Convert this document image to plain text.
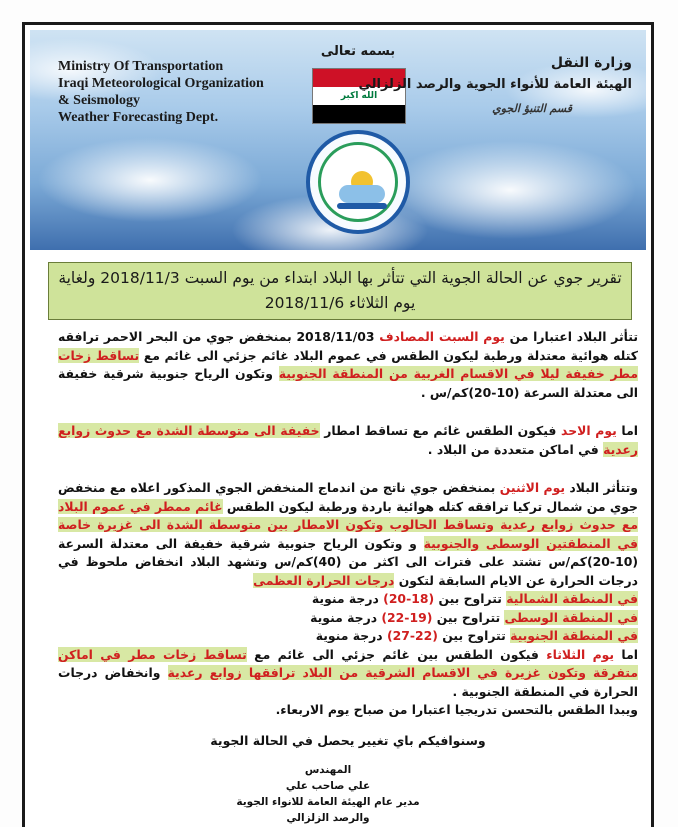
Ministry Of Transportation
Iraqi Meteorological Organization
& Seismology
Weather Forecasting Dept.
بسمه تعالى
الله اكبر
وزارة النقل
الهيئة العامة للأنواء الجوية والرصد الزلزالي
قسم التنبؤ الجوي
تقرير جوي عن الحالة الجوية التي تتأثر بها البلاد ابتداء من يوم السبت 2018/11/3 ولغاية
يوم الثلاثاء 2018/11/6

تتأثر البلاد اعتبارا من يوم السبت المصادف 2018/11/03 بمنخفض جوي من البحر الاحمر ترافقه كتله هوائية معتدلة ورطبة ليكون الطقس في عموم البلاد غائم جزئي الى غائم مع تساقط زخات مطر خفيفة ليلا في الاقسام الغربية من المنطقة الجنوبية وتكون الرياح جنوبية شرقية خفيفة الى معتدلة السرعة (10-20)كم/س .

اما يوم الاحد فيكون الطقس غائم مع تساقط امطار خفيفة الى متوسطة الشدة مع حدوث زوابع رعدية في اماكن متعددة من البلاد .

وتتأثر البلاد يوم الاثنين بمنخفض جوي ناتج من اندماج المنخفض الجوي المذكور اعلاه مع منخفض جوي من شمال تركيا ترافقه كتله هوائية باردة ورطبة ليكون الطقس غائم ممطر في عموم البلاد مع حدوث زوابع رعدية وتساقط الحالوب وتكون الامطار بين متوسطة الشدة الى غزيرة خاصة في المنطقتين الوسطى والجنوبية و وتكون الرياح جنوبية شرقية خفيفة الى معتدلة السرعة (10-20)كم/س تشتد على فترات الى اكثر من (40)كم/س وتشهد البلاد انخفاض ملحوظ في درجات الحرارة عن الايام السابقة لتكون درجات الحرارة العظمى

في المنطقة الشمالية تتراوح بين (18-20) درجة منوية
في المنطقة الوسطى تتراوح بين (19-22) درجة منوية
في المنطقة الجنوبية تتراوح بين (22-27) درجة منوية

اما يوم الثلاثاء فيكون الطقس بين غائم جزئي الى غائم مع تساقط زخات مطر في اماكن متفرقة وتكون غزيرة في الاقسام الشرقية من البلاد ترافقها زوابع رعدية وانخفاض درجات الحرارة في المنطقة الجنوبية .
ويبدا الطقس بالتحسن تدريجيا اعتبارا من صباح يوم الاربعاء.

وسنوافيكم باي تغيير يحصل في الحالة الجوية
المهندس
علي صاحب علي
مدير عام الهيئة العامة للانواء الجوية
والرصد الزلزالي
